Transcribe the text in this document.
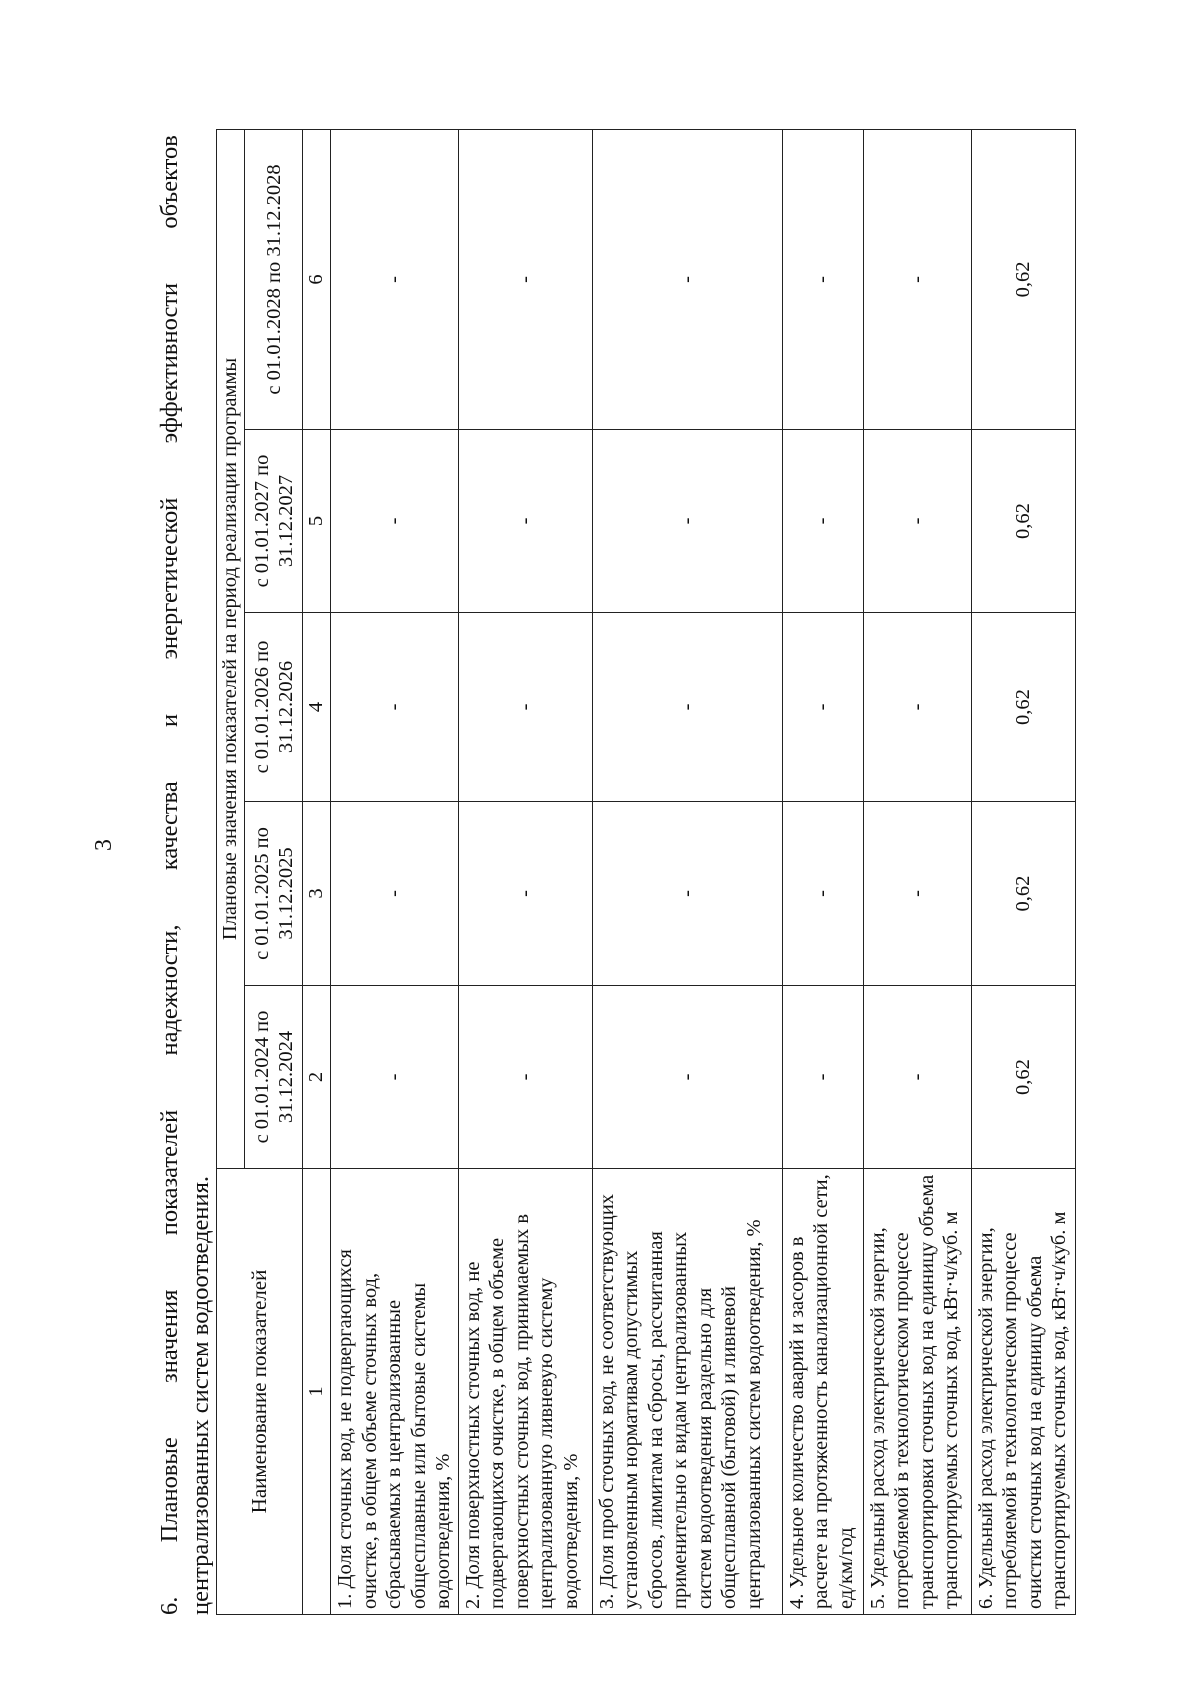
3
6.
Плановые
значения
показателей
надежности,
качества
и
энергетической
эффективности
объектов
централизованных систем водоотведения. Наименование показателей	Плановые значения показателей на период реализации программы				
	с 01.01.2024 по 31.12.2024	с 01.01.2025 по 31.12.2025	с 01.01.2026 по 31.12.2026	с 01.01.2027 по 31.12.2027	с 01.01.2028 по 31.12.2028
1	2	3	4	5	6
1. Доля сточных вод, не подвергающихся очистке, в общем объеме сточных вод, сбрасываемых в централизованные общесплавные или бытовые системы водоотведения, %	-	-	-	-	-
2. Доля поверхностных сточных вод, не подвергающихся очистке, в общем объеме поверхностных сточных вод, принимаемых в централизованную ливневую систему водоотведения, %	-	-	-	-	-
3. Доля проб сточных вод, не соответствующих установленным нормативам допустимых сбросов, лимитам на сбросы, рассчитанная применительно к видам централизованных систем водоотведения раздельно для общесплавной (бытовой) и ливневой централизованных систем водоотведения, %	-	-	-	-	-
4. Удельное количество аварий и засоров в расчете на протяженность канализационной сети, ед/км/год	-	-	-	-	-
5. Удельный расход электрической энергии, потребляемой в технологическом процессе транспортировки сточных вод на единицу объема транспортируемых сточных вод, кВт·ч/куб. м	-	-	-	-	-
6. Удельный расход электрической энергии, потребляемой в технологическом процессе очистки сточных вод на единицу объема транспортируемых сточных вод, кВт·ч/куб. м	0,62	0,62	0,62	0,62	0,62
